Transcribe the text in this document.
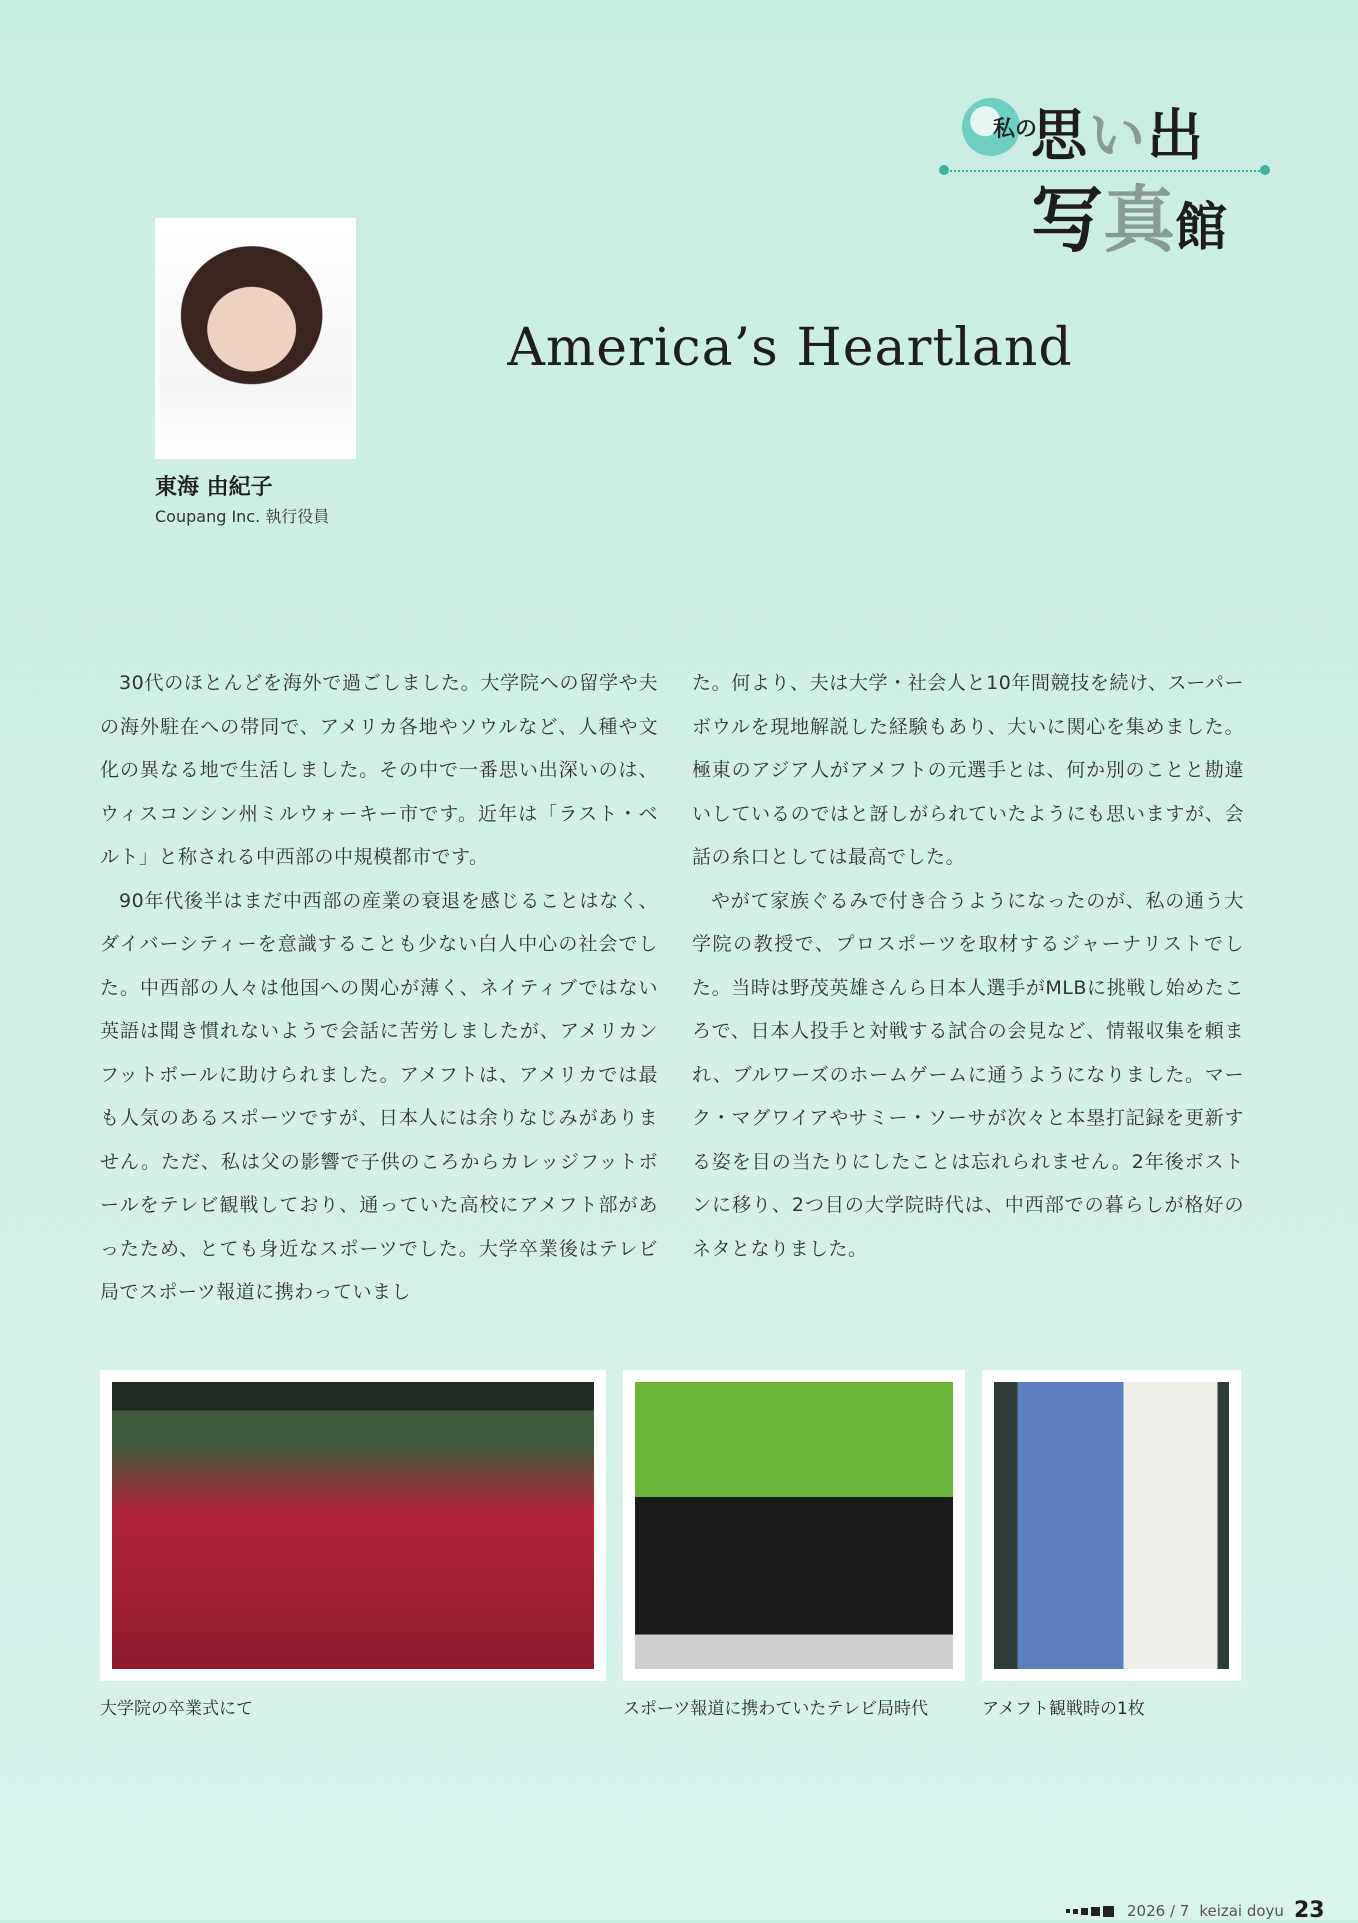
私の
思い出
写真館
東海 由紀子
Coupang Inc. 執行役員
America’s Heartland

30代のほとんどを海外で過ごしました。大学院への留学や夫の海外駐在への帯同で、アメリカ各地やソウルなど、人種や文化の異なる地で生活しました。その中で一番思い出深いのは、ウィスコンシン州ミルウォーキー市です。近年は「ラスト・ベルト」と称される中西部の中規模都市です。

90年代後半はまだ中西部の産業の衰退を感じることはなく、ダイバーシティーを意識することも少ない白人中心の社会でした。中西部の人々は他国への関心が薄く、ネイティブではない英語は聞き慣れないようで会話に苦労しましたが、アメリカンフットボールに助けられました。アメフトは、アメリカでは最も人気のあるスポーツですが、日本人には余りなじみがありません。ただ、私は父の影響で子供のころからカレッジフットボールをテレビ観戦しており、通っていた高校にアメフト部があったため、とても身近なスポーツでした。大学卒業後はテレビ局でスポーツ報道に携わっていまし

た。何より、夫は大学・社会人と10年間競技を続け、スーパーボウルを現地解説した経験もあり、大いに関心を集めました。極東のアジア人がアメフトの元選手とは、何か別のことと勘違いしているのではと訝しがられていたようにも思いますが、会話の糸口としては最高でした。

やがて家族ぐるみで付き合うようになったのが、私の通う大学院の教授で、プロスポーツを取材するジャーナリストでした。当時は野茂英雄さんら日本人選手がMLBに挑戦し始めたころで、日本人投手と対戦する試合の会見など、情報収集を頼まれ、ブルワーズのホームゲームに通うようになりました。マーク・マグワイアやサミー・ソーサが次々と本塁打記録を更新する姿を目の当たりにしたことは忘れられません。2年後ボストンに移り、2つ目の大学院時代は、中西部での暮らしが格好のネタとなりました。

大学院の卒業式にて	スポーツ報道に携わていたテレビ局時代	アメフト観戦時の1枚
2026 / 7 keizai doyu 23
